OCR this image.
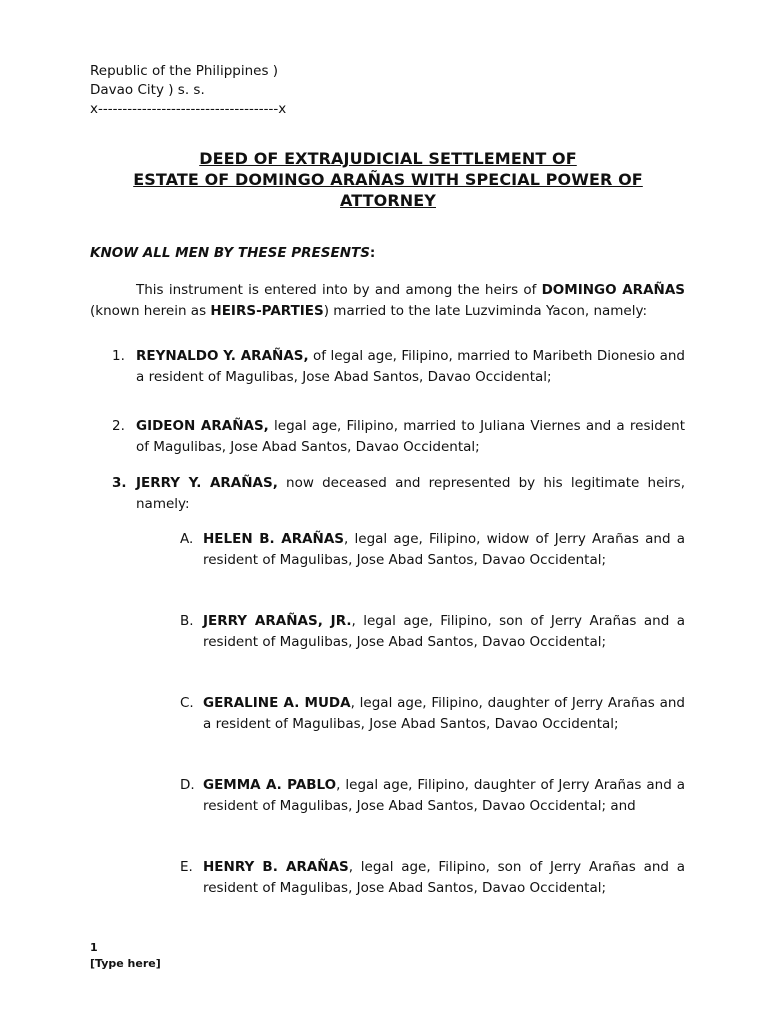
Republic of the Philippines )
Davao City ) s. s.
x-------------------------------------x
DEED OF EXTRAJUDICIAL SETTLEMENT OF
ESTATE OF DOMINGO ARAÑAS WITH SPECIAL POWER OF
ATTORNEY
KNOW ALL MEN BY THESE PRESENTS:
This instrument is entered into by and among the heirs of DOMINGO ARAÑAS (known herein as HEIRS-PARTIES) married to the late Luzviminda Yacon, namely:
1. REYNALDO Y. ARAÑAS, of legal age, Filipino, married to Maribeth Dionesio and a resident of Magulibas, Jose Abad Santos, Davao Occidental;
2. GIDEON ARAÑAS, legal age, Filipino, married to Juliana Viernes and a resident of Magulibas, Jose Abad Santos, Davao Occidental;
3. JERRY Y. ARAÑAS, now deceased and represented by his legitimate heirs, namely:
A. HELEN B. ARAÑAS, legal age, Filipino, widow of Jerry Arañas and a resident of Magulibas, Jose Abad Santos, Davao Occidental;
B. JERRY ARAÑAS, JR., legal age, Filipino, son of Jerry Arañas and a resident of Magulibas, Jose Abad Santos, Davao Occidental;
C. GERALINE A. MUDA, legal age, Filipino, daughter of Jerry Arañas and a resident of Magulibas, Jose Abad Santos, Davao Occidental;
D. GEMMA A. PABLO, legal age, Filipino, daughter of Jerry Arañas and a resident of Magulibas, Jose Abad Santos, Davao Occidental; and
E. HENRY B. ARAÑAS, legal age, Filipino, son of Jerry Arañas and a resident of Magulibas, Jose Abad Santos, Davao Occidental;
1
[Type here]
